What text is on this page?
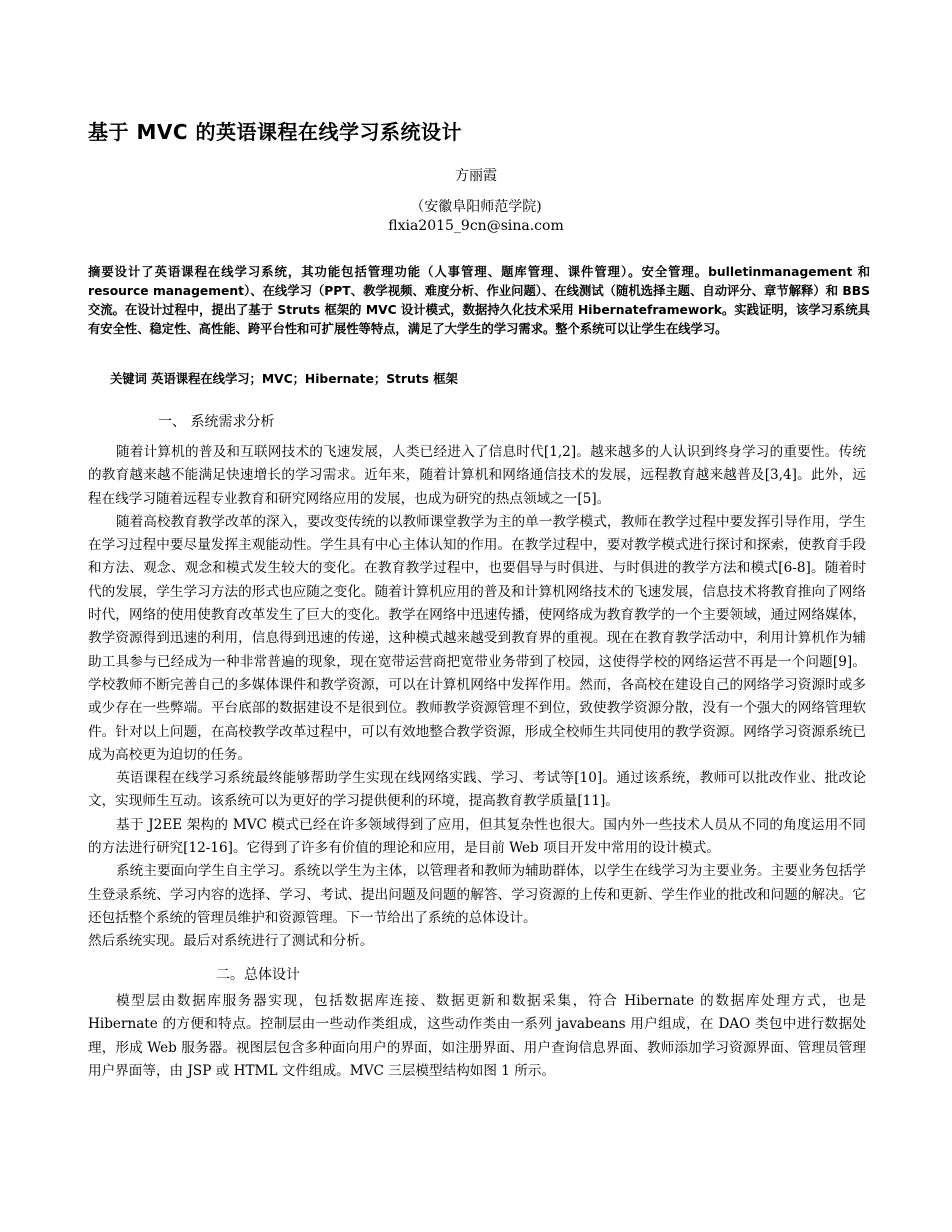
基于 MVC 的英语课程在线学习系统设计
方丽霞
（安徽阜阳师范学院)
flxia2015_9cn@sina.com

摘要设计了英语课程在线学习系统，其功能包括管理功能（人事管理、题库管理、课件管理）。安全管理。bulletinmanagement 和 resource management）、在线学习（PPT、教学视频、难度分析、作业问题）、在线测试（随机选择主题、自动评分、章节解释）和 BBS 交流。在设计过程中，提出了基于 Struts 框架的 MVC 设计模式，数据持久化技术采用 Hibernateframework。实践证明，该学习系统具有安全性、稳定性、高性能、跨平台性和可扩展性等特点，满足了大学生的学习需求。整个系统可以让学生在线学习。

关键词 英语课程在线学习；MVC；Hibernate；Struts 框架
一、 系统需求分析

随着计算机的普及和互联网技术的飞速发展，人类已经进入了信息时代[1,2]。越来越多的人认识到终身学习的重要性。传统的教育越来越不能满足快速增长的学习需求。近年来，随着计算机和网络通信技术的发展，远程教育越来越普及[3,4]。此外，远程在线学习随着远程专业教育和研究网络应用的发展，也成为研究的热点领域之一[5]。

随着高校教育教学改革的深入，要改变传统的以教师课堂教学为主的单一教学模式，教师在教学过程中要发挥引导作用，学生在学习过程中要尽量发挥主观能动性。学生具有中心主体认知的作用。在教学过程中，要对教学模式进行探讨和探索，使教育手段和方法、观念、观念和模式发生较大的变化。在教育教学过程中，也要倡导与时俱进、与时俱进的教学方法和模式[6-8]。随着时代的发展，学生学习方法的形式也应随之变化。随着计算机应用的普及和计算机网络技术的飞速发展，信息技术将教育推向了网络时代，网络的使用使教育改革发生了巨大的变化。教学在网络中迅速传播，使网络成为教育教学的一个主要领域，通过网络媒体，教学资源得到迅速的利用，信息得到迅速的传递，这种模式越来越受到教育界的重视。现在在教育教学活动中，利用计算机作为辅助工具参与已经成为一种非常普遍的现象，现在宽带运营商把宽带业务带到了校园，这使得学校的网络运营不再是一个问题[9]。学校教师不断完善自己的多媒体课件和教学资源，可以在计算机网络中发挥作用。然而，各高校在建设自己的网络学习资源时或多或少存在一些弊端。平台底部的数据建设不是很到位。教师教学资源管理不到位，致使教学资源分散，没有一个强大的网络管理软件。针对以上问题，在高校教学改革过程中，可以有效地整合教学资源，形成全校师生共同使用的教学资源。网络学习资源系统已成为高校更为迫切的任务。

英语课程在线学习系统最终能够帮助学生实现在线网络实践、学习、考试等[10]。通过该系统，教师可以批改作业、批改论文，实现师生互动。该系统可以为更好的学习提供便利的环境，提高教育教学质量[11]。

基于 J2EE 架构的 MVC 模式已经在许多领域得到了应用，但其复杂性也很大。国内外一些技术人员从不同的角度运用不同的方法进行研究[12-16]。它得到了许多有价值的理论和应用，是目前 Web 项目开发中常用的设计模式。

系统主要面向学生自主学习。系统以学生为主体，以管理者和教师为辅助群体，以学生在线学习为主要业务。主要业务包括学生登录系统、学习内容的选择、学习、考试、提出问题及问题的解答、学习资源的上传和更新、学生作业的批改和问题的解决。它还包括整个系统的管理员维护和资源管理。下一节给出了系统的总体设计。

然后系统实现。最后对系统进行了测试和分析。

二。总体设计

模型层由数据库服务器实现，包括数据库连接、数据更新和数据采集，符合 Hibernate 的数据库处理方式，也是 Hibernate 的方便和特点。控制层由一些动作类组成，这些动作类由一系列 javabeans 用户组成，在 DAO 类包中进行数据处理，形成 Web 服务器。视图层包含多种面向用户的界面，如注册界面、用户查询信息界面、教师添加学习资源界面、管理员管理用户界面等，由 JSP 或 HTML 文件组成。MVC 三层模型结构如图 1 所示。
